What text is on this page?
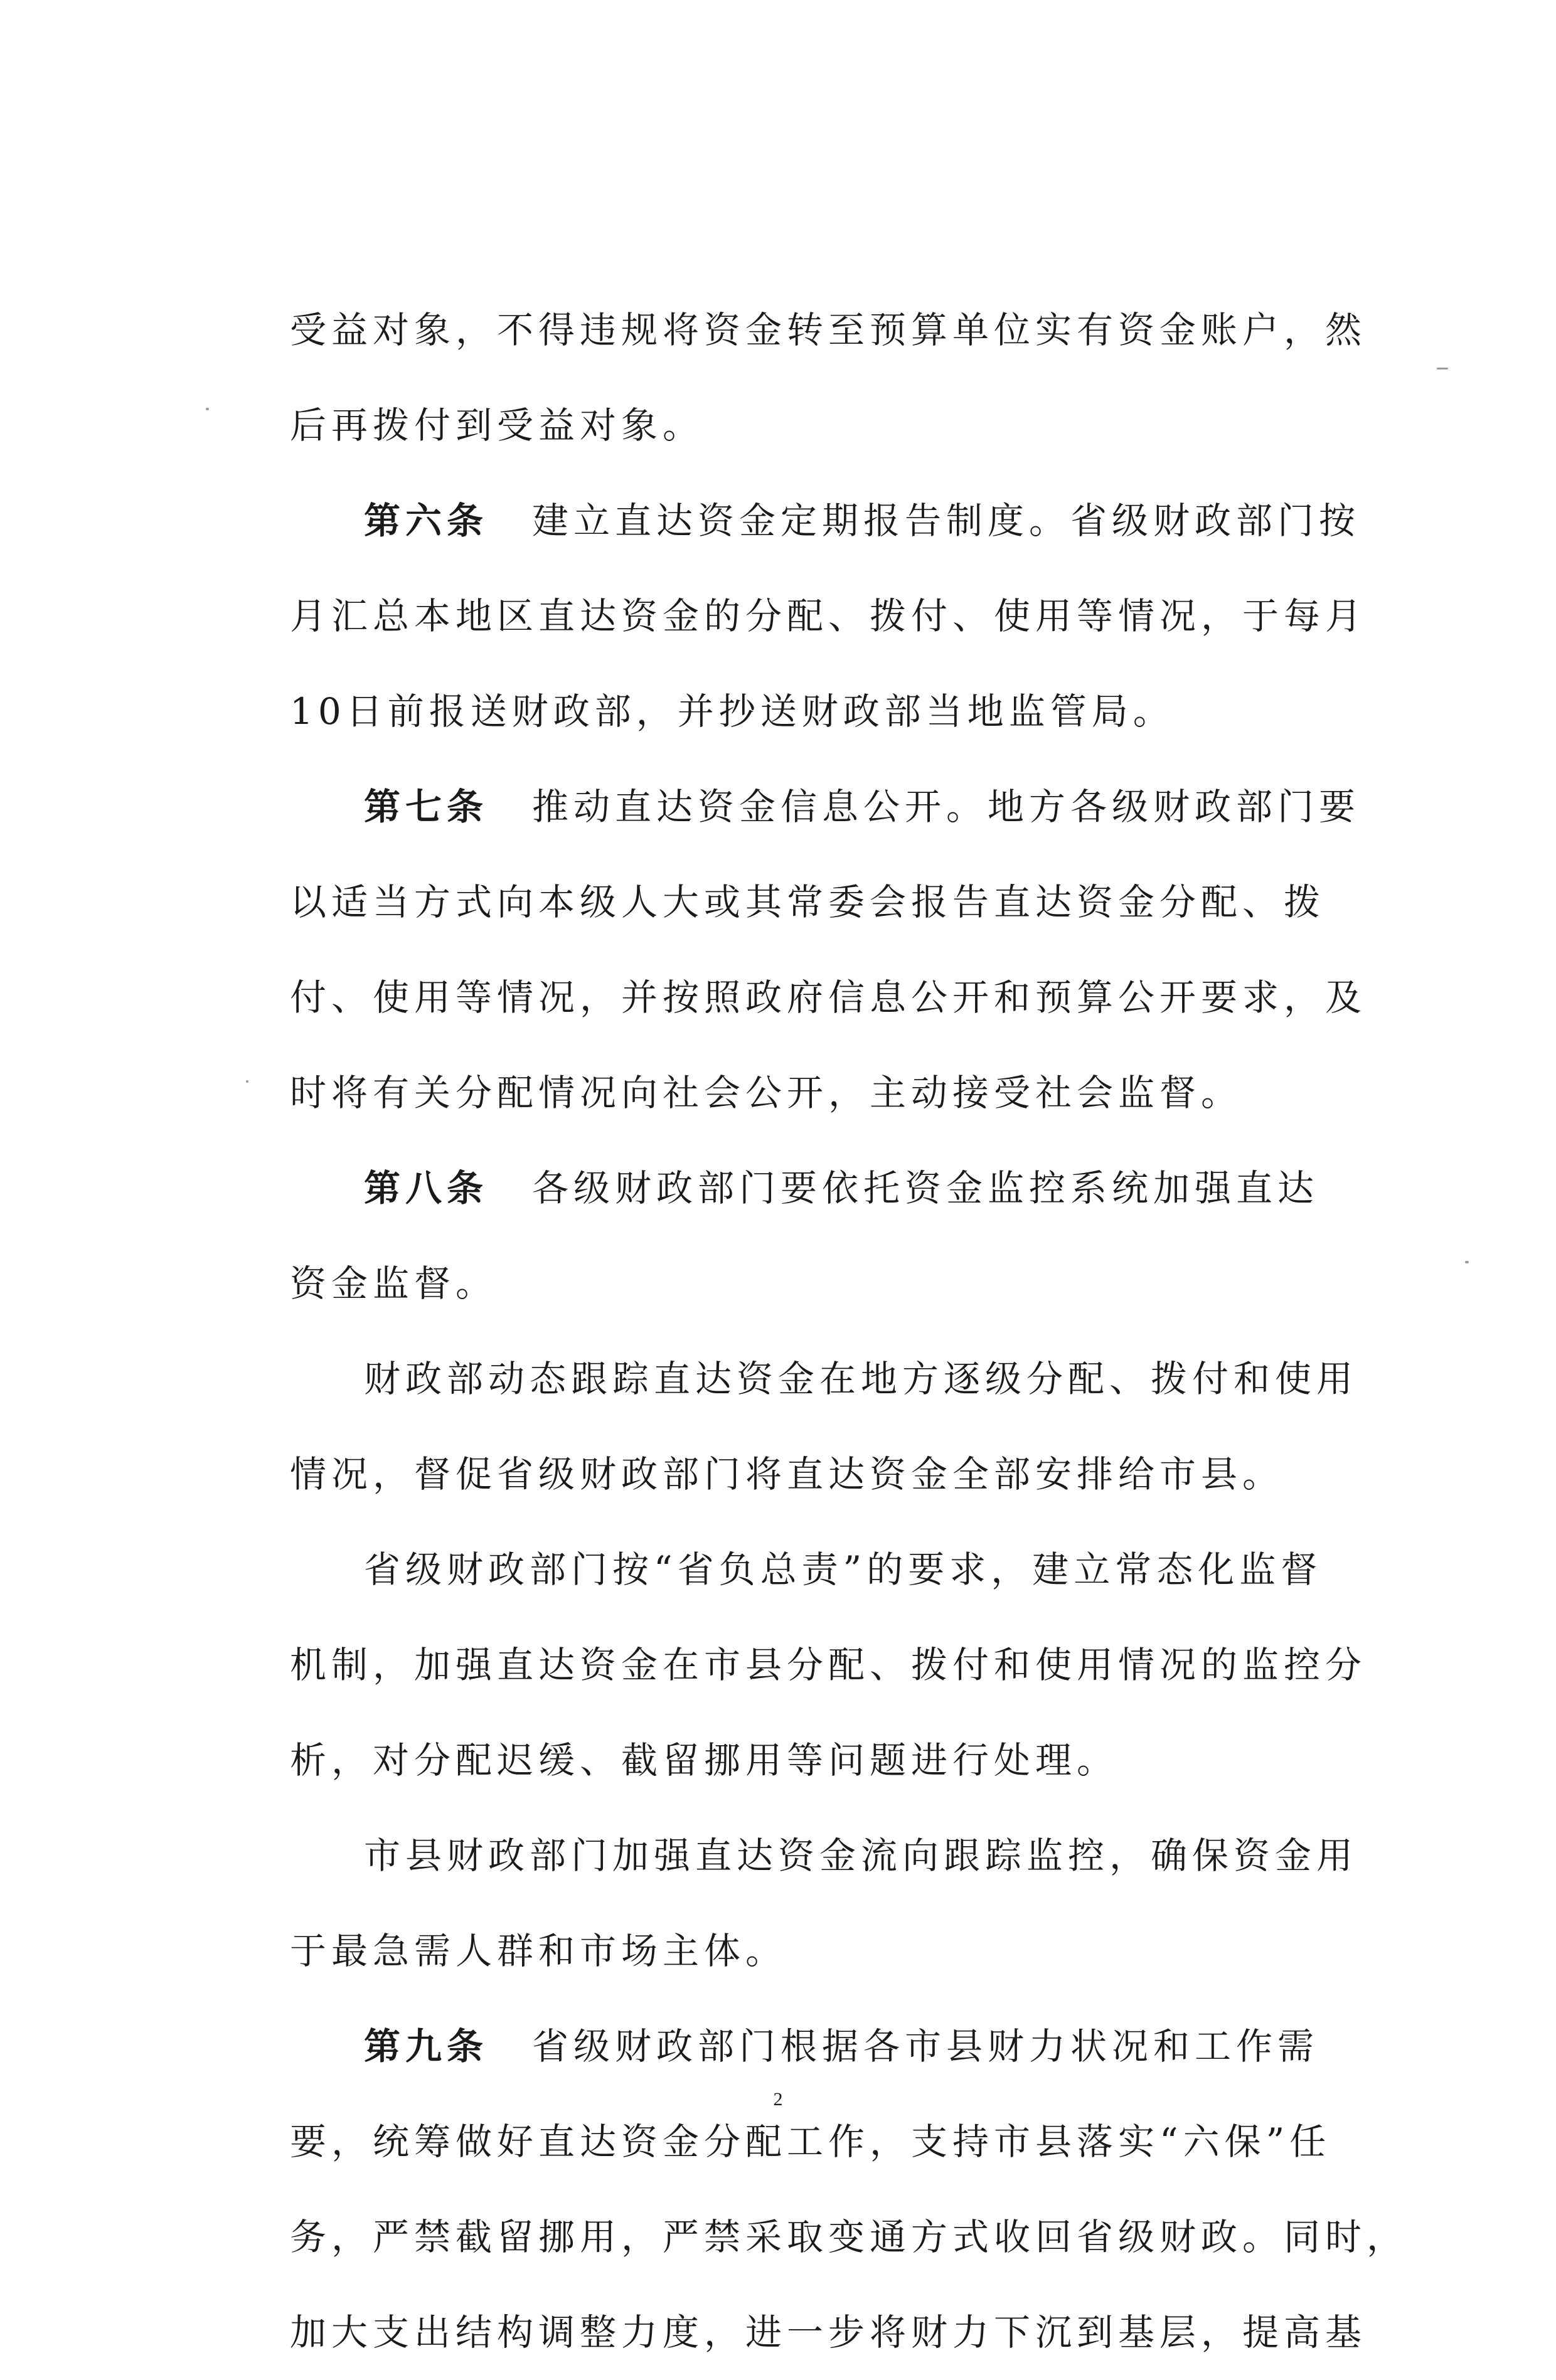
受益对象，不得违规将资金转至预算单位实有资金账户，然
后再拨付到受益对象。
第六条 建立直达资金定期报告制度。省级财政部门按
月汇总本地区直达资金的分配、拨付、使用等情况，于每月
10日前报送财政部，并抄送财政部当地监管局。
第七条 推动直达资金信息公开。地方各级财政部门要
以适当方式向本级人大或其常委会报告直达资金分配、拨
付、使用等情况，并按照政府信息公开和预算公开要求，及
时将有关分配情况向社会公开，主动接受社会监督。
第八条 各级财政部门要依托资金监控系统加强直达
资金监督。
财政部动态跟踪直达资金在地方逐级分配、拨付和使用
情况，督促省级财政部门将直达资金全部安排给市县。
省级财政部门按“省负总责”的要求，建立常态化监督
机制，加强直达资金在市县分配、拨付和使用情况的监控分
析，对分配迟缓、截留挪用等问题进行处理。
市县财政部门加强直达资金流向跟踪监控，确保资金用
于最急需人群和市场主体。
第九条 省级财政部门根据各市县财力状况和工作需
要，统筹做好直达资金分配工作，支持市县落实“六保”任
务，严禁截留挪用，严禁采取变通方式收回省级财政。同时，
加大支出结构调整力度，进一步将财力下沉到基层，提高基
2
